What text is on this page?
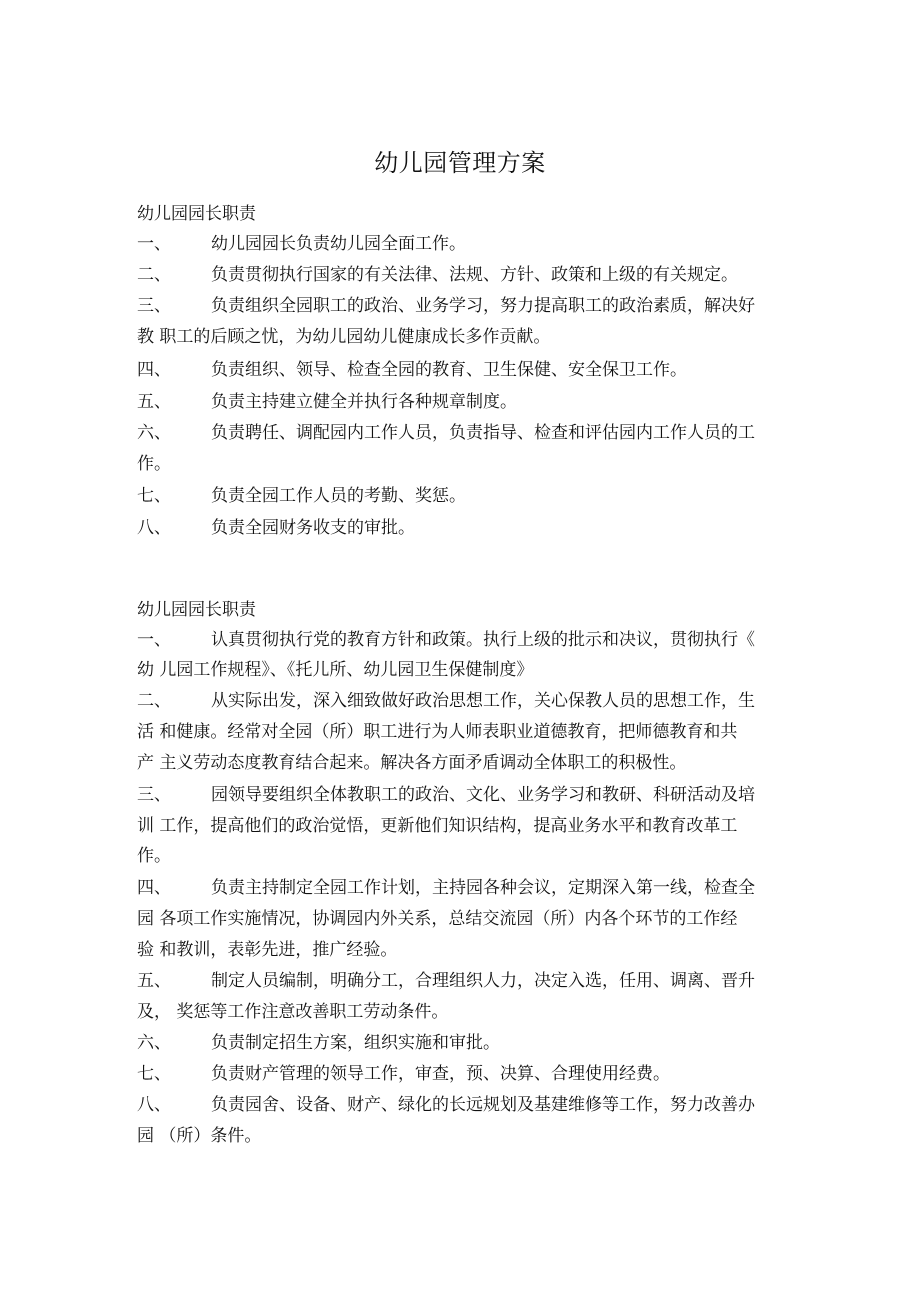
幼儿园管理方案
幼儿园园长职责
一、 幼儿园园长负责幼儿园全面工作。
二、 负责贯彻执行国家的有关法律、法规、方针、政策和上级的有关规定。
三、 负责组织全园职工的政治、业务学习，努力提高职工的政治素质，解决好
教 职工的后顾之忧，为幼儿园幼儿健康成长多作贡献。
四、 负责组织、领导、检查全园的教育、卫生保健、安全保卫工作。
五、 负责主持建立健全并执行各种规章制度。
六、 负责聘任、调配园内工作人员，负责指导、检查和评估园内工作人员的工
作。
七、 负责全园工作人员的考勤、奖惩。
八、 负责全园财务收支的审批。
幼儿园园长职责
一、 认真贯彻执行党的教育方针和政策。执行上级的批示和决议，贯彻执行《
幼 儿园工作规程》、《托儿所、幼儿园卫生保健制度》
二、 从实际出发，深入细致做好政治思想工作，关心保教人员的思想工作，生
活 和健康。经常对全园（所）职工进行为人师表职业道德教育，把师德教育和共
产 主义劳动态度教育结合起来。解决各方面矛盾调动全体职工的积极性。
三、 园领导要组织全体教职工的政治、文化、业务学习和教研、科研活动及培
训 工作，提高他们的政治觉悟，更新他们知识结构，提高业务水平和教育改革工
作。
四、 负责主持制定全园工作计划，主持园各种会议，定期深入第一线，检查全
园 各项工作实施情况，协调园内外关系，总结交流园（所）内各个环节的工作经
验 和教训，表彰先进，推广经验。
五、 制定人员编制，明确分工，合理组织人力，决定入选，任用、调离、晋升
及， 奖惩等工作注意改善职工劳动条件。
六、 负责制定招生方案，组织实施和审批。
七、 负责财产管理的领导工作，审查，预、决算、合理使用经费。
八、 负责园舍、设备、财产、绿化的长远规划及基建维修等工作，努力改善办
园 （所）条件。
